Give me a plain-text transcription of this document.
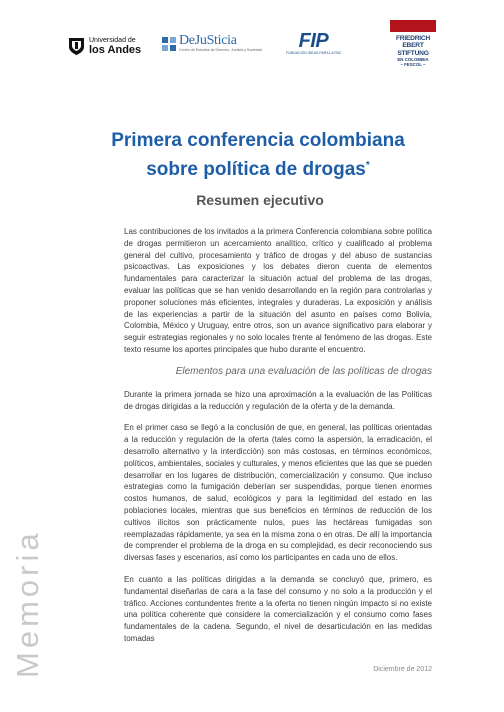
Universidad de
los Andes
DeJuSticia
Centro de Estudios de Derecho, Justicia y Sociedad	FIP
FUNDACIÓN IDEAS PARA LA PAZ
FRIEDRICH
EBERT
STIFTUNG
EN COLOMBIA
– FESCOL –
Memoria
Primera conferencia colombiana
sobre política de drogas*
Resumen ejecutivo

Las contribuciones de los invitados a la primera Conferencia colombiana sobre política de drogas permitieron un acercamiento analítico, crítico y cualificado al problema general del cultivo, procesamiento y tráfico de drogas y del abuso de sustancias psicoactivas. Las exposiciones y los debates dieron cuenta de elementos fundamentales para caracterizar la situación actual del problema de las drogas, evaluar las políticas que se han venido desarrollando en la región para controlarlas y proponer soluciones más eficientes, integrales y duraderas. La exposición y análisis de las experiencias a partir de la situación del asunto en países como Bolivia, Colombia, México y Uruguay, entre otros, son un avance significativo para elaborar y seguir estrategias regionales y no solo locales frente al fenómeno de las drogas. Este texto resume los aportes principales que hubo durante el encuentro.

Elementos para una evaluación de las políticas de drogas

Durante la primera jornada se hizo una aproximación a la evaluación de las Políticas de drogas dirigidas a la reducción y regulación de la oferta y de la demanda.

En el primer caso se llegó a la conclusión de que, en general, las políticas orientadas a la reducción y regulación de la oferta (tales como la aspersión, la erradicación, el desarrollo alternativo y la interdicción) son más costosas, en términos económicos, políticos, ambientales, sociales y culturales, y menos eficientes que las que se pueden desarrollar en los lugares de distribución, comercialización y consumo. Que incluso estrategias como la fumigación deberían ser suspendidas, porque tienen enormes costos humanos, de salud, ecológicos y para la legitimidad del estado en las poblaciones locales, mientras que sus beneficios en términos de reducción de los cultivos ilícitos son prácticamente nulos, pues las hectáreas fumigadas son reemplazadas rápidamente, ya sea en la misma zona o en otras. De allí la importancia de comprender el problema de la droga en su complejidad, es decir reconociendo sus diversas fases y escenarios, así como los participantes en cada uno de ellos.

En cuanto a las políticas dirigidas a la demanda se concluyó que, primero, es fundamental diseñarlas de cara a la fase del consumo y no solo a la producción y el tráfico. Acciones contundentes frente a la oferta no tienen ningún impacto si no existe una política coherente que considere la comercialización y el consumo como fases fundamentales de la cadena. Segundo, el nivel de desarticulación en las medidas tomadas

Diciembre de 2012
